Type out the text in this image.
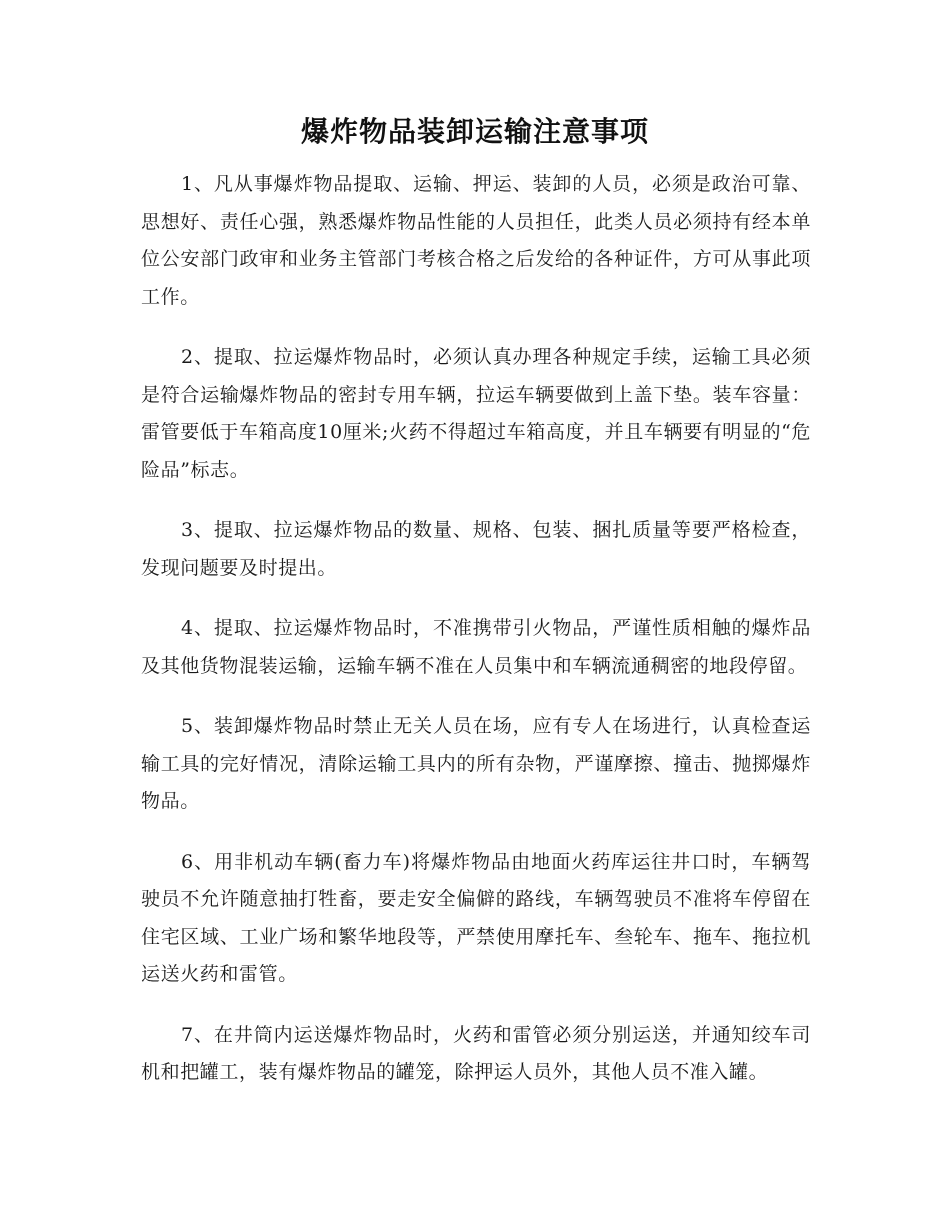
爆炸物品装卸运输注意事项

1、凡从事爆炸物品提取、运输、押运、装卸的人员，必须是政治可靠、思想好、责任心强，熟悉爆炸物品性能的人员担任，此类人员必须持有经本单位公安部门政审和业务主管部门考核合格之后发给的各种证件，方可从事此项工作。

2、提取、拉运爆炸物品时，必须认真办理各种规定手续，运输工具必须是符合运输爆炸物品的密封专用车辆，拉运车辆要做到上盖下垫。装车容量：雷管要低于车箱高度10厘米;火药不得超过车箱高度，并且车辆要有明显的“危险品”标志。

3、提取、拉运爆炸物品的数量、规格、包装、捆扎质量等要严格检查，发现问题要及时提出。

4、提取、拉运爆炸物品时，不准携带引火物品，严谨性质相触的爆炸品及其他货物混装运输，运输车辆不准在人员集中和车辆流通稠密的地段停留。

5、装卸爆炸物品时禁止无关人员在场，应有专人在场进行，认真检查运输工具的完好情况，清除运输工具内的所有杂物，严谨摩擦、撞击、抛掷爆炸物品。

6、用非机动车辆(畜力车)将爆炸物品由地面火药库运往井口时，车辆驾驶员不允许随意抽打牲畜，要走安全偏僻的路线，车辆驾驶员不准将车停留在住宅区域、工业广场和繁华地段等，严禁使用摩托车、叁轮车、拖车、拖拉机运送火药和雷管。

7、在井筒内运送爆炸物品时，火药和雷管必须分别运送，并通知绞车司机和把罐工，装有爆炸物品的罐笼，除押运人员外，其他人员不准入罐。
